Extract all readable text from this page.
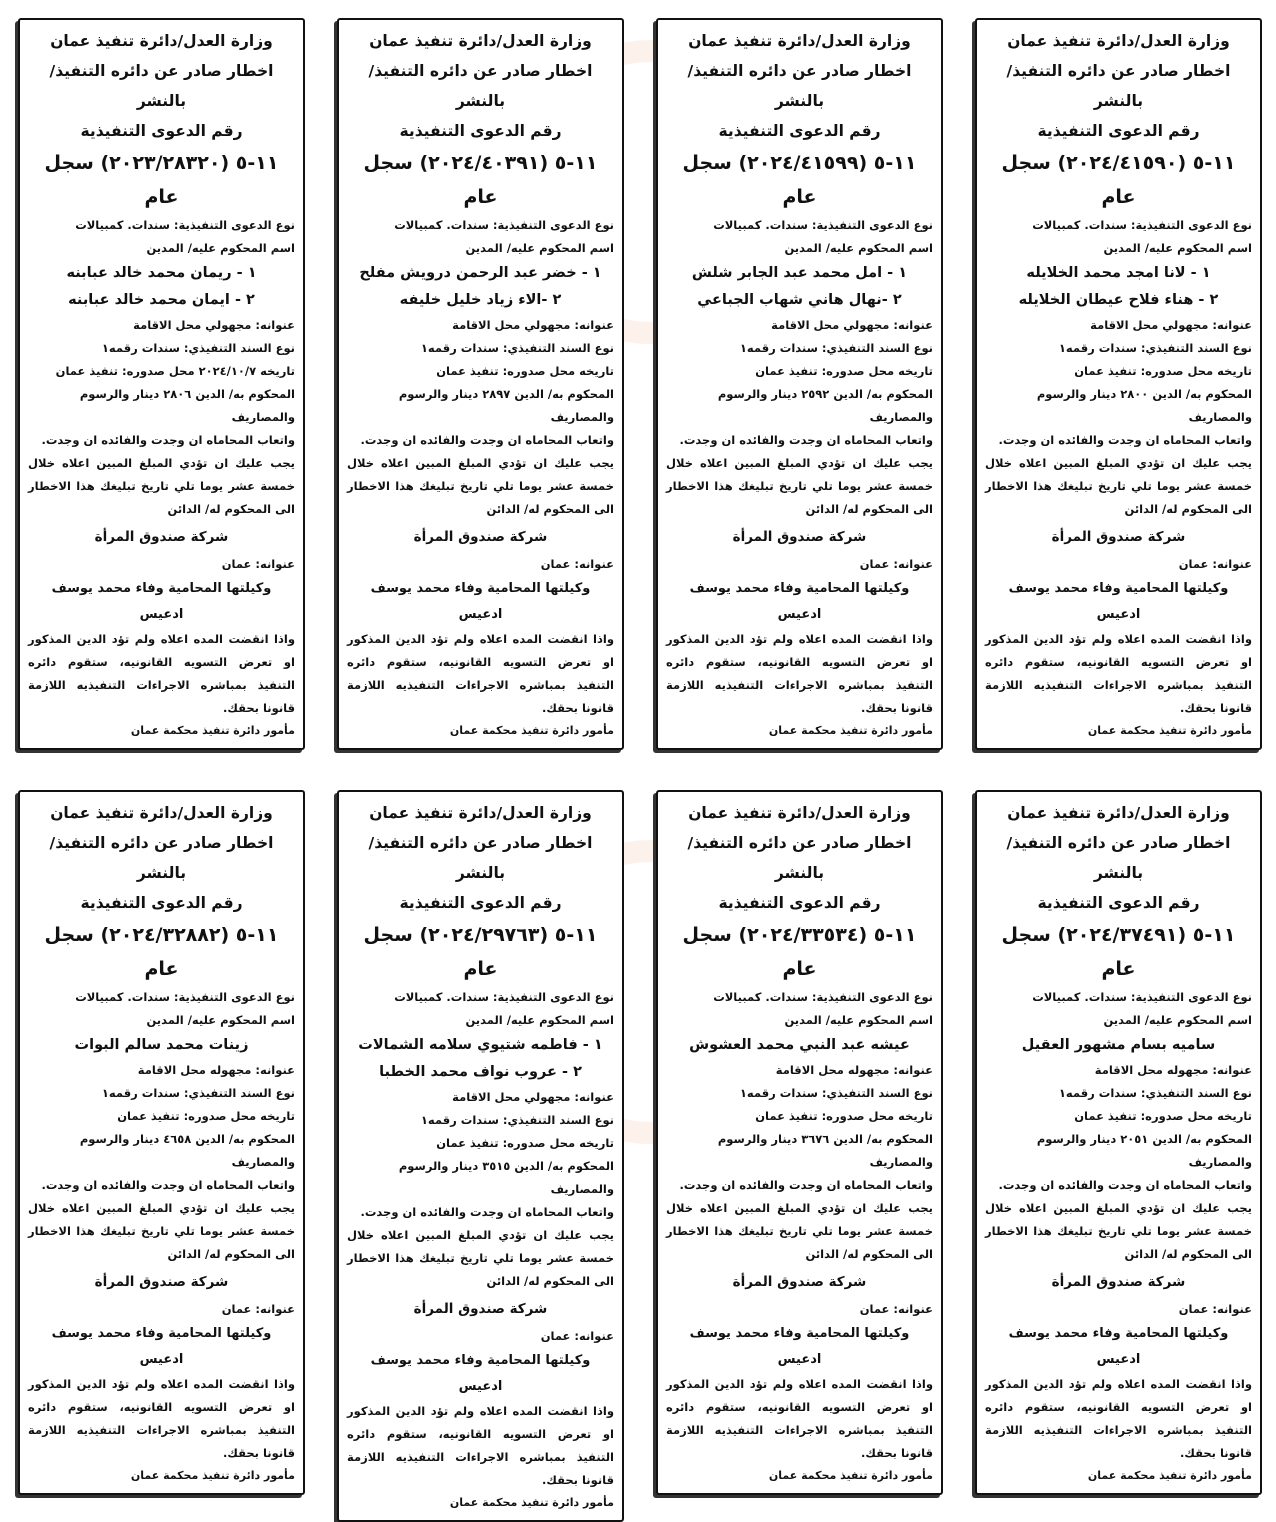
وزارة العدل/دائرة تنفيذ عمان
اخطار صادر عن دائره التنفيذ/ بالنشر
رقم الدعوى التنفيذية
١١-٥ (٢٠٢٤/٤١٥٩٠) سجل عام
نوع الدعوى التنفيذية: سندات. كمبيالات
اسم المحكوم عليه/ المدين
١ - لانا امجد محمد الخلايله
٢ - هناء فلاح عيطان الخلايله
عنوانه: مجهولي محل الاقامة
نوع السند التنفيذي: سندات رقمه١
تاريخه محل صدوره: تنفيذ عمان
المحكوم به/ الدين ٢٨٠٠ دينار والرسوم والمصاريف
واتعاب المحاماه ان وجدت والفائده ان وجدت.
يجب عليك ان تؤدي المبلغ المبين اعلاه خلال خمسة عشر يوما تلي تاريخ تبليغك هذا الاخطار الى المحكوم له/ الدائن
شركة صندوق المرأة
عنوانه: عمان
وكيلتها المحامية وفاء محمد يوسف ادعيس
واذا انقضت المده اعلاه ولم تؤد الدين المذكور او تعرض التسويه القانونيه، ستقوم دائره التنفيذ بمباشره الاجراءات التنفيذيه اللازمة قانونا بحقك.
مأمور دائرة تنفيذ محكمة عمان
وزارة العدل/دائرة تنفيذ عمان
اخطار صادر عن دائره التنفيذ/ بالنشر
رقم الدعوى التنفيذية
١١-٥ (٢٠٢٤/٤١٥٩٩) سجل عام
نوع الدعوى التنفيذية: سندات. كمبيالات
اسم المحكوم عليه/ المدين
١ - امل محمد عبد الجابر شلش
٢ -نهال هاني شهاب الجباعي
عنوانه: مجهولي محل الاقامة
نوع السند التنفيذي: سندات رقمه١
تاريخه محل صدوره: تنفيذ عمان
المحكوم به/ الدين ٢٥٩٢ دينار والرسوم والمصاريف
واتعاب المحاماه ان وجدت والفائده ان وجدت.
يجب عليك ان تؤدي المبلغ المبين اعلاه خلال خمسة عشر يوما تلي تاريخ تبليغك هذا الاخطار الى المحكوم له/ الدائن
شركة صندوق المرأة
عنوانه: عمان
وكيلتها المحامية وفاء محمد يوسف ادعيس
واذا انقضت المده اعلاه ولم تؤد الدين المذكور او تعرض التسويه القانونيه، ستقوم دائره التنفيذ بمباشره الاجراءات التنفيذيه اللازمة قانونا بحقك.
مأمور دائرة تنفيذ محكمة عمان
وزارة العدل/دائرة تنفيذ عمان
اخطار صادر عن دائره التنفيذ/ بالنشر
رقم الدعوى التنفيذية
١١-٥ (٢٠٢٤/٤٠٣٩١) سجل عام
نوع الدعوى التنفيذية: سندات. كمبيالات
اسم المحكوم عليه/ المدين
١ - خضر عبد الرحمن درويش مفلح
٢ -الاء زياد خليل خليفه
عنوانه: مجهولي محل الاقامة
نوع السند التنفيذي: سندات رقمه١
تاريخه محل صدوره: تنفيذ عمان
المحكوم به/ الدين ٢٨٩٧ دينار والرسوم والمصاريف
واتعاب المحاماه ان وجدت والفائده ان وجدت.
يجب عليك ان تؤدي المبلغ المبين اعلاه خلال خمسة عشر يوما تلي تاريخ تبليغك هذا الاخطار الى المحكوم له/ الدائن
شركة صندوق المرأة
عنوانه: عمان
وكيلتها المحامية وفاء محمد يوسف ادعيس
واذا انقضت المده اعلاه ولم تؤد الدين المذكور او تعرض التسويه القانونيه، ستقوم دائره التنفيذ بمباشره الاجراءات التنفيذيه اللازمة قانونا بحقك.
مأمور دائرة تنفيذ محكمة عمان
وزارة العدل/دائرة تنفيذ عمان
اخطار صادر عن دائره التنفيذ/ بالنشر
رقم الدعوى التنفيذية
١١-٥ (٢٠٢٣/٢٨٣٢٠) سجل عام
نوع الدعوى التنفيذية: سندات. كمبيالات
اسم المحكوم عليه/ المدين
١ - ريمان محمد خالد عبابنه
٢ - ايمان محمد خالد عبابنه
عنوانه: مجهولي محل الاقامة
نوع السند التنفيذي: سندات رقمه١
تاريخه ٢٠٢٤/١٠/٧ محل صدوره: تنفيذ عمان
المحكوم به/ الدين ٢٨٠٦ دينار والرسوم والمصاريف
واتعاب المحاماه ان وجدت والفائده ان وجدت.
يجب عليك ان تؤدي المبلغ المبين اعلاه خلال خمسة عشر يوما تلي تاريخ تبليغك هذا الاخطار الى المحكوم له/ الدائن
شركة صندوق المرأة
عنوانه: عمان
وكيلتها المحامية وفاء محمد يوسف ادعيس
واذا انقضت المده اعلاه ولم تؤد الدين المذكور او تعرض التسويه القانونيه، ستقوم دائره التنفيذ بمباشره الاجراءات التنفيذيه اللازمة قانونا بحقك.
مأمور دائرة تنفيذ محكمة عمان
وزارة العدل/دائرة تنفيذ عمان
اخطار صادر عن دائره التنفيذ/ بالنشر
رقم الدعوى التنفيذية
١١-٥ (٢٠٢٤/٣٧٤٩١) سجل عام
نوع الدعوى التنفيذية: سندات. كمبيالات
اسم المحكوم عليه/ المدين
ساميه بسام مشهور العقيل
عنوانه: مجهوله محل الاقامة
نوع السند التنفيذي: سندات رقمه١
تاريخه محل صدوره: تنفيذ عمان
المحكوم به/ الدين ٢٠٥١ دينار والرسوم والمصاريف
واتعاب المحاماه ان وجدت والفائده ان وجدت.
يجب عليك ان تؤدي المبلغ المبين اعلاه خلال خمسة عشر يوما تلي تاريخ تبليغك هذا الاخطار الى المحكوم له/ الدائن
شركة صندوق المرأة
عنوانه: عمان
وكيلتها المحامية وفاء محمد يوسف ادعيس
واذا انقضت المده اعلاه ولم تؤد الدين المذكور او تعرض التسويه القانونيه، ستقوم دائره التنفيذ بمباشره الاجراءات التنفيذيه اللازمة قانونا بحقك.
مأمور دائرة تنفيذ محكمة عمان
وزارة العدل/دائرة تنفيذ عمان
اخطار صادر عن دائره التنفيذ/ بالنشر
رقم الدعوى التنفيذية
١١-٥ (٢٠٢٤/٣٣٥٣٤) سجل عام
نوع الدعوى التنفيذية: سندات. كمبيالات
اسم المحكوم عليه/ المدين
عيشه عبد النبي محمد العشوش
عنوانه: مجهوله محل الاقامة
نوع السند التنفيذي: سندات رقمه١
تاريخه محل صدوره: تنفيذ عمان
المحكوم به/ الدين ٣٦٧٦ دينار والرسوم والمصاريف
واتعاب المحاماه ان وجدت والفائده ان وجدت.
يجب عليك ان تؤدي المبلغ المبين اعلاه خلال خمسة عشر يوما تلي تاريخ تبليغك هذا الاخطار الى المحكوم له/ الدائن
شركة صندوق المرأة
عنوانه: عمان
وكيلتها المحامية وفاء محمد يوسف ادعيس
واذا انقضت المده اعلاه ولم تؤد الدين المذكور او تعرض التسويه القانونيه، ستقوم دائره التنفيذ بمباشره الاجراءات التنفيذيه اللازمة قانونا بحقك.
مأمور دائرة تنفيذ محكمة عمان
وزارة العدل/دائرة تنفيذ عمان
اخطار صادر عن دائره التنفيذ/ بالنشر
رقم الدعوى التنفيذية
١١-٥ (٢٠٢٤/٢٩٧٦٣) سجل عام
نوع الدعوى التنفيذية: سندات. كمبيالات
اسم المحكوم عليه/ المدين
١ - فاطمه شتيوي سلامه الشمالات
٢ - عروب نواف محمد الخطبا
عنوانه: مجهولي محل الاقامة
نوع السند التنفيذي: سندات رقمه١
تاريخه محل صدوره: تنفيذ عمان
المحكوم به/ الدين ٣٥١٥ دينار والرسوم والمصاريف
واتعاب المحاماه ان وجدت والفائده ان وجدت.
يجب عليك ان تؤدي المبلغ المبين اعلاه خلال خمسة عشر يوما تلي تاريخ تبليغك هذا الاخطار الى المحكوم له/ الدائن
شركة صندوق المرأة
عنوانه: عمان
وكيلتها المحامية وفاء محمد يوسف ادعيس
واذا انقضت المده اعلاه ولم تؤد الدين المذكور او تعرض التسويه القانونيه، ستقوم دائره التنفيذ بمباشره الاجراءات التنفيذيه اللازمة قانونا بحقك.
مأمور دائرة تنفيذ محكمة عمان
وزارة العدل/دائرة تنفيذ عمان
اخطار صادر عن دائره التنفيذ/ بالنشر
رقم الدعوى التنفيذية
١١-٥ (٢٠٢٤/٣٢٨٨٢) سجل عام
نوع الدعوى التنفيذية: سندات. كمبيالات
اسم المحكوم عليه/ المدين
زينات محمد سالم البوات
عنوانه: مجهوله محل الاقامة
نوع السند التنفيذي: سندات رقمه١
تاريخه محل صدوره: تنفيذ عمان
المحكوم به/ الدين ٤٦٥٨ دينار والرسوم والمصاريف
واتعاب المحاماه ان وجدت والفائده ان وجدت.
يجب عليك ان تؤدي المبلغ المبين اعلاه خلال خمسة عشر يوما تلي تاريخ تبليغك هذا الاخطار الى المحكوم له/ الدائن
شركة صندوق المرأة
عنوانه: عمان
وكيلتها المحامية وفاء محمد يوسف ادعيس
واذا انقضت المده اعلاه ولم تؤد الدين المذكور او تعرض التسويه القانونيه، ستقوم دائره التنفيذ بمباشره الاجراءات التنفيذيه اللازمة قانونا بحقك.
مأمور دائرة تنفيذ محكمة عمان
